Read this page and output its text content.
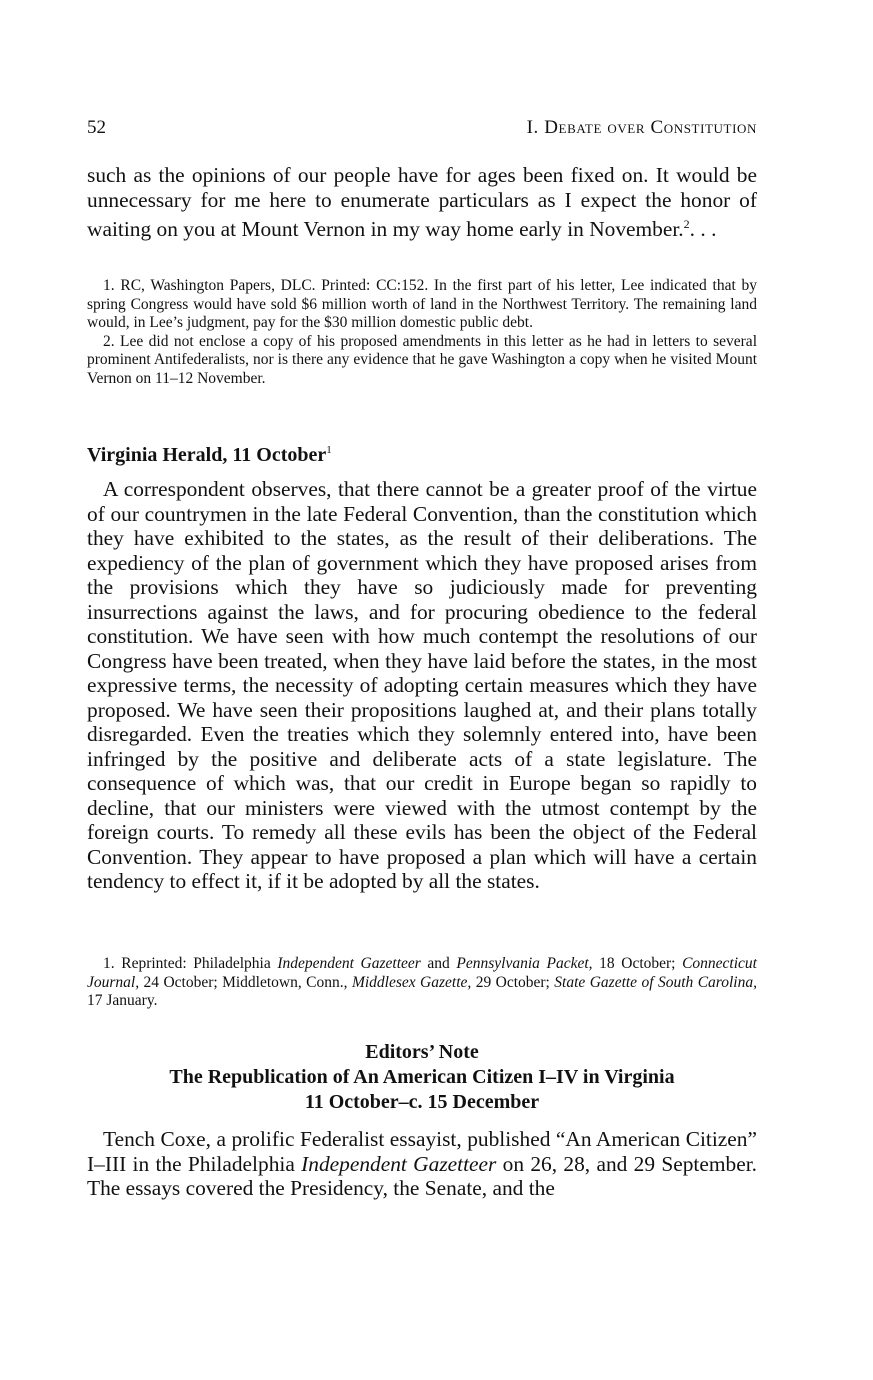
52	I. Debate over Constitution

such as the opinions of our people have for ages been fixed on. It would be unnecessary for me here to enumerate particulars as I expect the honor of waiting on you at Mount Vernon in my way home early in November.$^2$. . .

1. RC, Washington Papers, DLC. Printed: CC:152. In the first part of his letter, Lee indicated that by spring Congress would have sold $6 million worth of land in the Northwest Territory. The remaining land would, in Lee’s judgment, pay for the $30 million domestic public debt.

2. Lee did not enclose a copy of his proposed amendments in this letter as he had in letters to several prominent Antifederalists, nor is there any evidence that he gave Washington a copy when he visited Mount Vernon on 11–12 November.

Virginia Herald, 11 October$^1$

A correspondent observes, that there cannot be a greater proof of the virtue of our countrymen in the late Federal Convention, than the constitution which they have exhibited to the states, as the result of their deliberations. The expediency of the plan of government which they have proposed arises from the provisions which they have so judiciously made for preventing insurrections against the laws, and for procuring obedience to the federal constitution. We have seen with how much contempt the resolutions of our Congress have been treated, when they have laid before the states, in the most expressive terms, the necessity of adopting certain measures which they have proposed. We have seen their propositions laughed at, and their plans totally disregarded. Even the treaties which they solemnly entered into, have been infringed by the positive and deliberate acts of a state legislature. The consequence of which was, that our credit in Europe began so rapidly to decline, that our ministers were viewed with the utmost contempt by the foreign courts. To remedy all these evils has been the object of the Federal Convention. They appear to have proposed a plan which will have a certain tendency to effect it, if it be adopted by all the states.

1. Reprinted: Philadelphia Independent Gazetteer and Pennsylvania Packet, 18 October; Connecticut Journal, 24 October; Middletown, Conn., Middlesex Gazette, 29 October; State Gazette of South Carolina, 17 January.

Editors’ Note
The Republication of An American Citizen I–IV in Virginia
11 October–c. 15 December

Tench Coxe, a prolific Federalist essayist, published “An American Citizen” I–III in the Philadelphia Independent Gazetteer on 26, 28, and 29 September. The essays covered the Presidency, the Senate, and the
